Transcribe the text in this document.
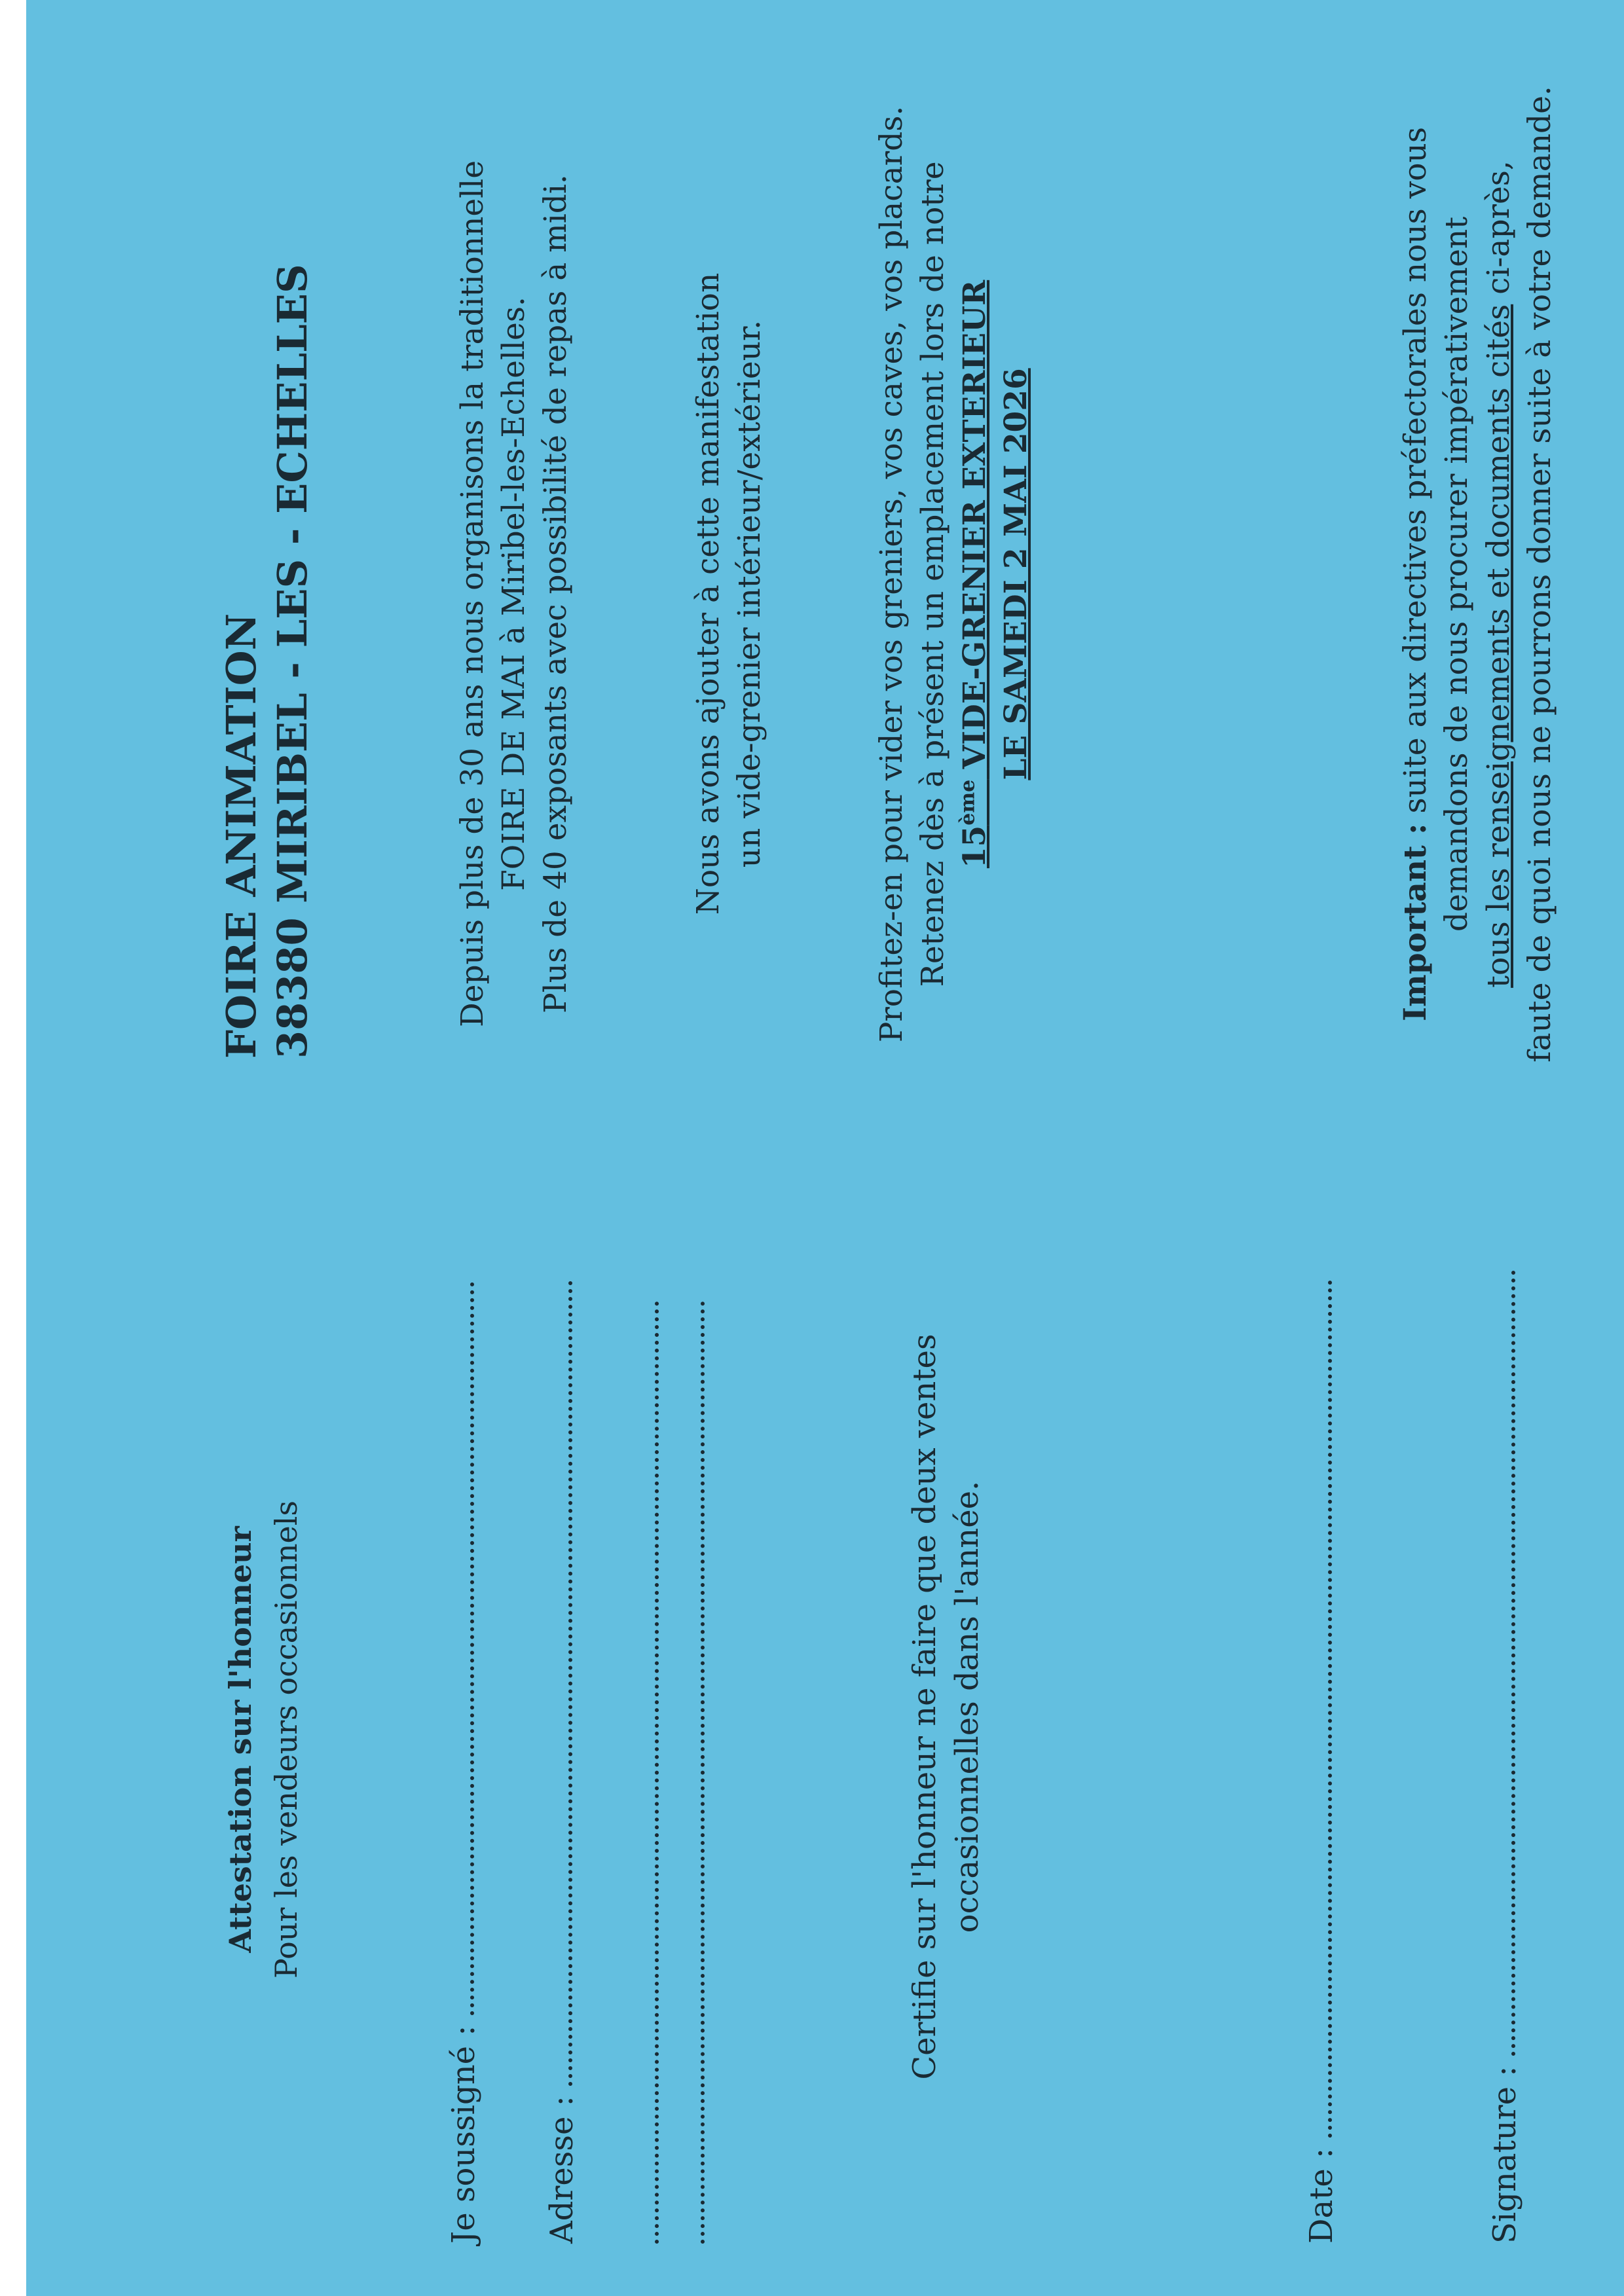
Attestation sur l'honneur Pour les vendeurs occasionnels
Je soussigné : Adresse :
Certifie sur l'honneur ne faire que deux ventes occasionnelles dans l'année.
Date :	Signature :
FOIRE ANIMATION 38380 MIRIBEL - LES - ECHELLES	Depuis plus de 30 ans nous organisons la traditionnelle FOIRE DE MAI à Miribel-les-Echelles. Plus de 40 exposants avec possibilité de repas à midi.	Nous avons ajouter à cette manifestation un vide-grenier intérieur/extérieur.	Profitez-en pour vider vos greniers, vos caves, vos placards. Retenez dès à présent un emplacement lors de notre 15ème VIDE-GRENIER EXTERIEUR LE SAMEDI 2 MAI 2026
Important : suite aux directives préfectorales nous vous demandons de nous procurer impérativement tous les renseignements et documents cités ci-après, faute de quoi nous ne pourrons donner suite à votre demande.
